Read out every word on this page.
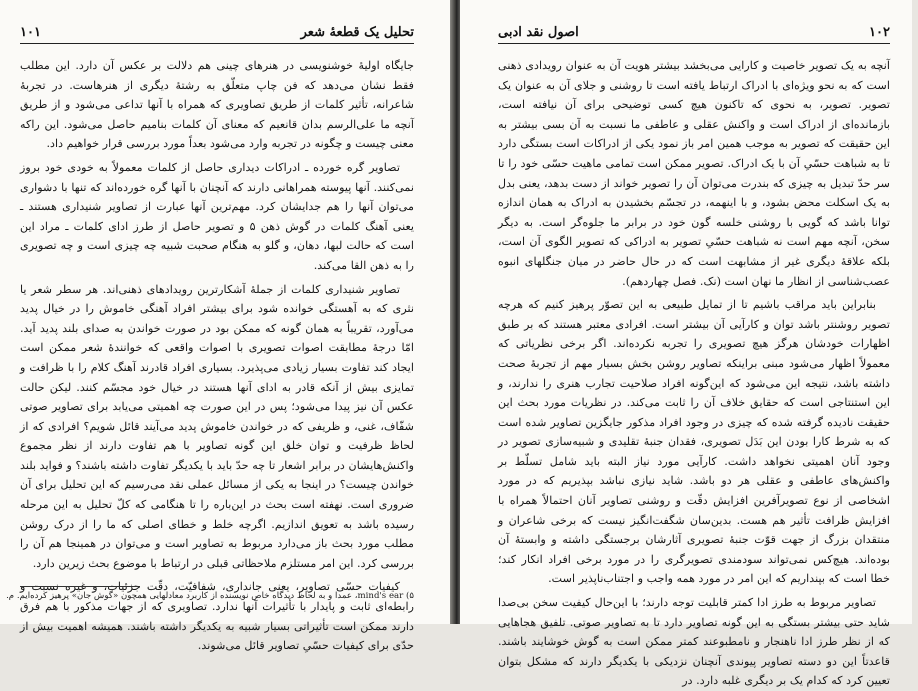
۱۰۱	تحلیل یک قطعهٔ شعر

جایگاه اولیهٔ خوشنویسی در هنرهای چینی هم دلالت بر عکس آن دارد. این مطلب فقط نشان می‌دهد که فن چاپ متعلّق به رشتهٔ دیگری از هنرهاست. در تجربهٔ شاعرانه، تأثیر کلمات از طریق تصاویری که همراه با آنها تداعی می‌شود و از طریق آنچه ما علی‌الرسم بدان قانعیم که معنای آن کلمات بنامیم حاصل می‌شود. این راکه معنی چیست و چگونه در تجربه وارد می‌شود بعداً مورد بررسی قرار خواهیم داد.

تصاویر گره خورده ـ ادراکات دیداری حاصل از کلمات معمولاً به خودی خود بروز نمی‌کنند. آنها پیوسته همراهانی دارند که آنچنان با آنها گره خورده‌اند که تنها با دشواری می‌توان آنها را هم جدایشان کرد. مهم‌ترین آنها عبارت از تصاویر شنیداری هستند ـ یعنی آهنگ کلمات در گوش ذهن ۵ و تصویر حاصل از طرز ادای کلمات ـ مراد این است که حالت لبها، دهان، و گلو به هنگام صحبت شبیه چه چیزی است و چه تصویری را به ذهن القا می‌کند.

تصاویر شنیداری کلمات از جملهٔ آشکارترین رویدادهای ذهنی‌اند. هر سطر شعر یا نثری که به آهستگی خوانده شود برای بیشتر افراد آهنگی خاموش را در خیال پدید می‌آورد، تقریباً به همان گونه که ممکن بود در صورت خواندن به صدای بلند پدید آید. امّا درجهٔ مطابقت اصوات تصویری با اصوات واقعی که خوانندهٔ شعر ممکن است ایجاد کند تفاوت بسیار زیادی می‌پذیرد. بسیاری افراد قادرند آهنگ کلام را با ظرافت و تمایزی بیش از آنکه قادر به ادای آنها هستند در خیال خود مجسّم کنند. لیکن حالت عکس آن نیز پیدا می‌شود؛ پس در این صورت چه اهمیتی می‌یابد برای تصاویر صوتی شفّاف، غنی، و ظریفی که در خواندن خاموش پدید می‌آیند قائل شویم؟ افرادی که از لحاظ ظرفیت و توان خلق این گونه تصاویر با هم تفاوت دارند از نظر مجموع واکنش‌هایشان در برابر اشعار تا چه حدّ باید با یکدیگر تفاوت داشته باشند؟ و فواید بلند خواندن چیست؟ در اینجا به یکی از مسائل عملی نقد می‌رسیم که این تحلیل برای آن ضروری است. نهفته است بحث در این‌باره را تا هنگامی که کلّ تحلیل به این ‌مرحله رسیده باشد به تعویق اندازیم. اگرچه خلط و خطای اصلی که ما را از درک روشن مطلب مورد بحث باز می‌دارد مربوط به تصاویر است و می‌توان در همینجا هم آن را بررسی کرد. این امر مستلزم ملاحظاتی قبلی در ارتباط با موضوع بحث زیرین دارد.

کیفیات حسّی تصاویر، یعنی جانداری، شفافیّت، دقّت جزئیات، و غیره نسبت و رابطه‌ای ثابت و پایدار با تأثیرات آنها ندارد. تصاویری که از جهات مذکور با هم فرق دارند ممکن است تأثیراتی بسیار شبیه به یکدیگر داشته باشند. همیشه اهمیت بیش از حدّی برای کیفیات حسّیِ تصاویر قائل می‌شوند.

۵) mind's ear، عمدا و به لحاظ دیدگاه خاص نویسنده از کاربرد معادلهایی همچون «گوش جان» پرهیز کرده‌ایم. م.
اصول نقد ادبی	۱۰۲

آنچه به یک تصویر خاصیت و کارایی می‌بخشد بیشتر هویت آن به عنوان رویدادی ذهنی است که به نحو ویژه‌ای با ادراک ارتباط یافته است تا روشنی و جلای آن به عنوان یک تصویر. تصویر، به نحوی که تاکنون هیچ کسی توضیحی برای آن نیافته است، بازمانده‌ای از ادراک است و واکنش عقلی و عاطفی ما نسبت به آن بسی بیشتر به این حقیقت که تصویر به موجب همین امر باز نمود یکی از ادراکات است بستگی دارد تا به شباهت حسّیِ آن با یک ادراک. تصویر ممکن است تمامی ماهیت حسّی خود را تا سر حدّ تبدیل به چیزی که بندرت می‌توان آن را تصویر خواند از دست بدهد، یعنی بدل به یک اسکلت محض بشود، و با اینهمه، در تجسّم بخشیدن به ادراک به همان اندازه توانا باشد که گویی با روشنی خلسه گون خود در برابر ما جلوه‌گر است. به دیگر سخن، آنچه مهم است نه شباهت حسّیِ تصویر به ادراکی که تصویر الگوی آن است، بلکه علاقهٔ دیگری غیر از مشابهت است که در حال حاضر در میان جنگلهای انبوه عصب‌شناسی از انظار ما نهان است (نک. فصل چهاردهم).

بنابراین باید مراقب باشیم تا از تمایل طبیعی به این تصوّر پرهیز کنیم که هرچه تصویر روشنتر باشد توان و کارآیی آن بیشتر است. افرادی معتبر هستند که بر طبق اظهارات خودشان هرگز هیچ تصویری را تجربه نکرده‌اند. اگر برخی نظریاتی که معمولاً اظهار می‌شود مبنی براینکه تصاویر روشن بخش بسیار مهم از تجربهٔ صحت داشته باشد، نتیجه این می‌شود که این‌گونه افراد صلاحیت تجارب هنری را ندارند، و این استنتاجی است که حقایق خلاف آن را ثابت می‌کند. در نظریات مورد بحث این حقیقت نادیده گرفته شده که چیزی در وجود افراد مذکور جایگزین تصاویر شده است که به شرط کارا بودن این بَدَل تصویری، فقدان جنبهٔ تقلیدی و شبیه‌سازی تصویر در وجود آنان اهمیتی نخواهد داشت. کارآیی مورد نیاز البته باید شامل تسلّط بر واکنش‌های عاطفی و عقلی هر دو باشد. شاید نیازی نباشد بپذیریم که در مورد اشخاصی از نوع تصویرآفرین افزایش دقّت و روشنی تصاویر آنان احتمالاً همراه با افزایش ظرافت تأثیر هم هست. بدین‌سان شگفت‌انگیز نیست که برخی شاعران و منتقدان بزرگ از جهت قوّت جنبهٔ تصویری آثارشان برجستگی داشته و وابستهٔ آن بوده‌اند. هیچ‌کس نمی‌تواند سودمندی تصویرگری را در مورد برخی افراد انکار کند؛ خطا است که بپنداریم که این امر در مورد همه واجب و اجتناب‌ناپذیر است.

تصاویر مربوط به طرز ادا کمتر قابلیت توجه دارند؛ با این‌حال کیفیت سخن بی‌صدا شاید حتی بیشتر بستگی به این گونه تصاویر دارد تا به تصاویر صوتی. تلفیق هجاهایی که از نظر طرز ادا ناهنجار و نامطبوعند کمتر ممکن است به گوش خوشایند باشند. قاعدتاً این دو دسته تصاویر پیوندی آنچنان نزدیکی با یکدیگر دارند که مشکل بتوان تعیین کرد که کدام یک بر دیگری غلبه دارد. در
